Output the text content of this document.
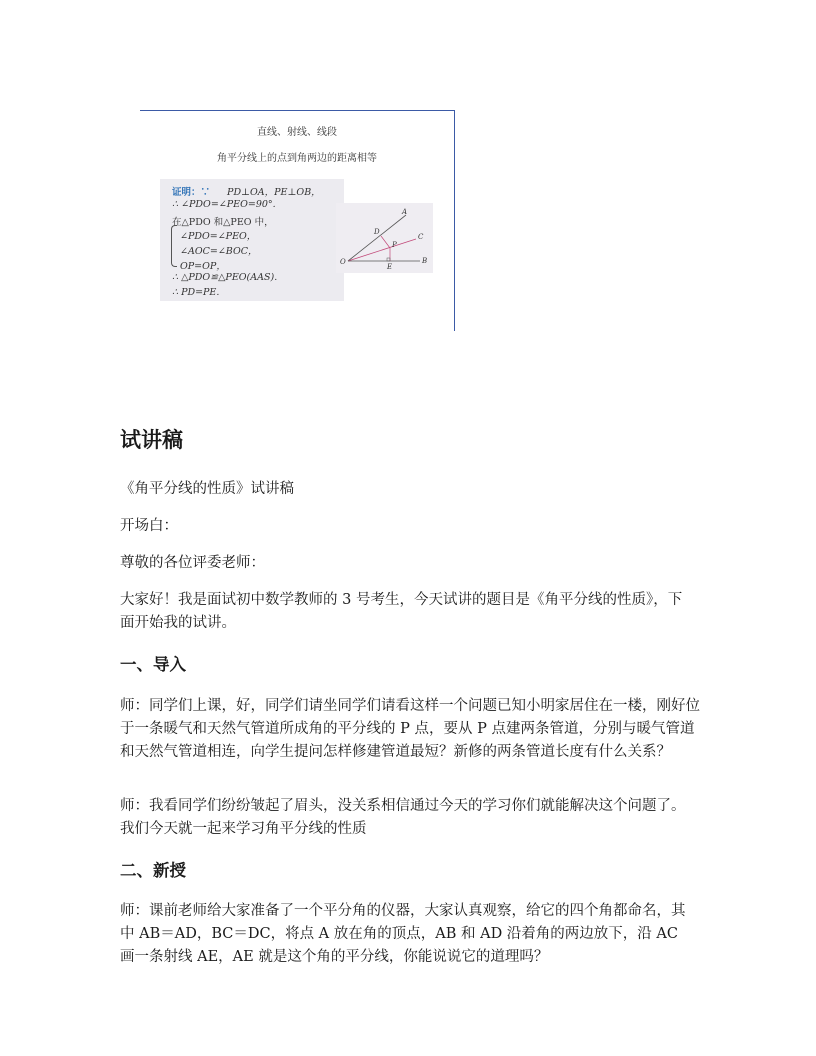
直线、射线、线段
角平分线上的点到角两边的距离相等
证明：∵ PD⊥OA，PE⊥OB，
∴ ∠PDO=∠PEO=90°.
在△PDO 和△PEO 中，
∠PDO=∠PEO，
∠AOC=∠BOC，
OP=OP，
∴ △PDO≌△PEO(AAS).
∴ PD=PE.
A
B
C
D
E
O
P
试讲稿

《角平分线的性质》试讲稿

开场白：

尊敬的各位评委老师：

大家好！我是面试初中数学教师的 3 号考生，今天试讲的题目是《角平分线的性质》，下面开始我的试讲。

一、导入

师：同学们上课，好，同学们请坐同学们请看这样一个问题已知小明家居住在一楼，刚好位于一条暖气和天然气管道所成角的平分线的 P 点，要从 P 点建两条管道，分别与暖气管道和天然气管道相连，向学生提问怎样修建管道最短？新修的两条管道长度有什么关系？

师：我看同学们纷纷皱起了眉头，没关系相信通过今天的学习你们就能解决这个问题了。我们今天就一起来学习角平分线的性质

二、新授

师：课前老师给大家准备了一个平分角的仪器，大家认真观察，给它的四个角都命名，其中 AB＝AD，BC＝DC，将点 A 放在角的顶点，AB 和 AD 沿着角的两边放下，沿 AC 画一条射线 AE，AE 就是这个角的平分线，你能说说它的道理吗？
